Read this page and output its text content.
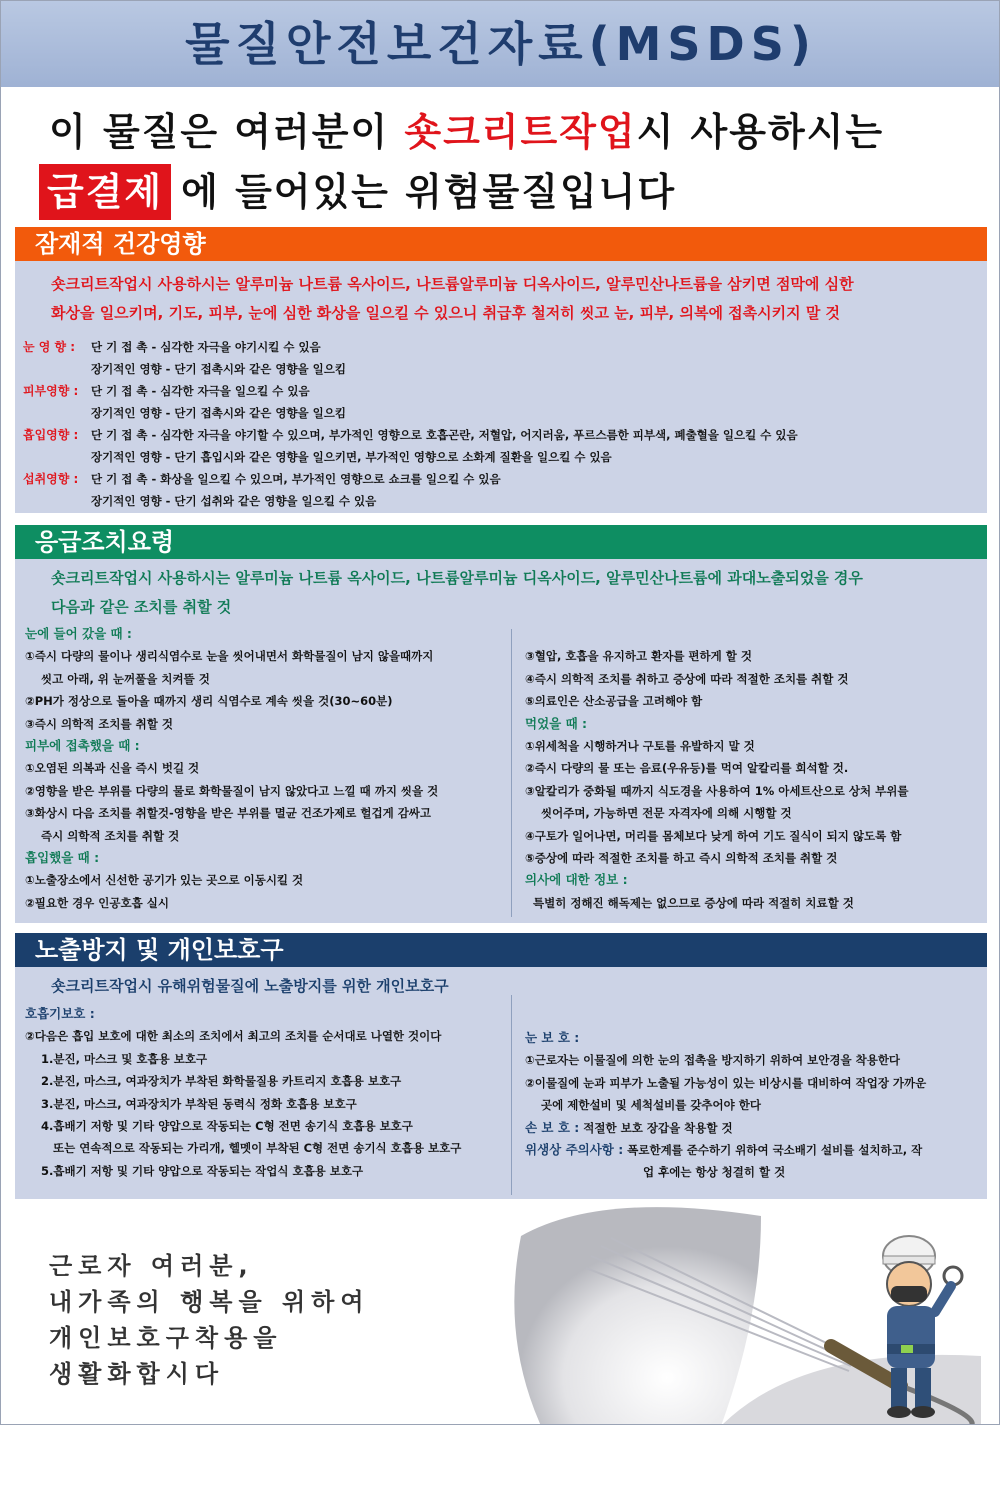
물질안전보건자료(MSDS)
이 물질은 여러분이 숏크리트작업시 사용하시는
급결제 에 들어있는 위험물질입니다
잠재적 건강영향
숏크리트작업시 사용하시는 알루미늄 나트륨 옥사이드, 나트륨알루미늄 디옥사이드, 알루민산나트륨을 삼키면 점막에 심한
화상을 일으키며, 기도, 피부, 눈에 심한 화상을 일으킬 수 있으니 취급후 철저히 씻고 눈, 피부, 의복에 접촉시키지 말 것
눈 영 향 : 단 기 접 촉 - 심각한 자극을 야기시킬 수 있음
장기적인 영향 - 단기 접촉시와 같은 영향을 일으킴
피부영향 : 단 기 접 촉 - 심각한 자극을 일으킬 수 있음
장기적인 영향 - 단기 접촉시와 같은 영향을 일으킴
흡입영향 : 단 기 접 촉 - 심각한 자극을 야기할 수 있으며, 부가적인 영향으로 호흡곤란, 저혈압, 어지러움, 푸르스름한 피부색, 폐출혈을 일으킬 수 있음
장기적인 영향 - 단기 흡입시와 같은 영향을 일으키면, 부가적인 영향으로 소화계 질환을 일으킬 수 있음
섭취영향 : 단 기 접 촉 - 화상을 일으킬 수 있으며, 부가적인 영향으로 쇼크를 일으킬 수 있음
장기적인 영향 - 단기 섭취와 같은 영향을 일으킬 수 있음
응급조치요령
숏크리트작업시 사용하시는 알루미늄 나트륨 옥사이드, 나트륨알루미늄 디옥사이드, 알루민산나트륨에 과대노출되었을 경우
다음과 같은 조치를 취할 것
눈에 들어 갔을 때 :
①즉시 다량의 물이나 생리식염수로 눈을 씻어내면서 화학물질이 남지 않을때까지
씻고 아래, 위 눈꺼풀을 치켜뜰 것
②PH가 정상으로 돌아올 때까지 생리 식염수로 계속 씻을 것(30~60분)
③즉시 의학적 조치를 취할 것
피부에 접촉했을 때 :
①오염된 의복과 신을 즉시 벗길 것
②영향을 받은 부위를 다량의 물로 화학물질이 남지 않았다고 느낄 때 까지 씻을 것
③화상시 다음 조치를 취할것-영향을 받은 부위를 멸균 건조가제로 헐겁게 감싸고
즉시 의학적 조치를 취할 것
흡입했을 때 :
①노출장소에서 신선한 공기가 있는 곳으로 이동시킬 것
②필요한 경우 인공호흡 실시
③혈압, 호흡을 유지하고 환자를 편하게 할 것
④즉시 의학적 조치를 취하고 증상에 따라 적절한 조치를 취할 것
⑤의료인은 산소공급을 고려해야 함
먹었을 때 :
①위세척을 시행하거나 구토를 유발하지 말 것
②즉시 다량의 물 또는 음료(우유등)를 먹여 알칼리를 희석할 것.
③알칼리가 중화될 때까지 식도경을 사용하여 1% 아세트산으로 상처 부위를
씻어주며, 가능하면 전문 자격자에 의해 시행할 것
④구토가 일어나면, 머리를 몸체보다 낮게 하여 기도 질식이 되지 않도록 함
⑤증상에 따라 적절한 조치를 하고 즉시 의학적 조치를 취할 것
의사에 대한 정보 :
특별히 정해진 해독제는 없으므로 증상에 따라 적절히 치료할 것
노출방지 및 개인보호구
숏크리트작업시 유해위험물질에 노출방지를 위한 개인보호구
호흡기보호 :
②다음은 흡입 보호에 대한 최소의 조치에서 최고의 조치를 순서대로 나열한 것이다
1.분진, 마스크 및 호흡용 보호구
2.분진, 마스크, 여과장치가 부착된 화학물질용 카트리지 호흡용 보호구
3.분진, 마스크, 여과장치가 부착된 동력식 정화 호흡용 보호구
4.흡배기 저항 및 기타 양압으로 작동되는 C형 전면 송기식 호흡용 보호구
또는 연속적으로 작동되는 가리개, 헬멧이 부착된 C형 전면 송기식 호흡용 보호구
5.흡배기 저항 및 기타 양압으로 작동되는 작업식 호흡용 보호구
눈 보 호 :
①근로자는 이물질에 의한 눈의 접촉을 방지하기 위하여 보안경을 착용한다
②이물질에 눈과 피부가 노출될 가능성이 있는 비상시를 대비하여 작업장 가까운
곳에 제한설비 및 세척설비를 갖추어야 한다
손 보 호 : 적절한 보호 장갑을 착용할 것
위생상 주의사항 : 폭로한계를 준수하기 위하여 국소배기 설비를 설치하고, 작
업 후에는 항상 청결히 할 것
근로자 여러분,
내가족의 행복을 위하여
개인보호구착용을
생활화합시다
